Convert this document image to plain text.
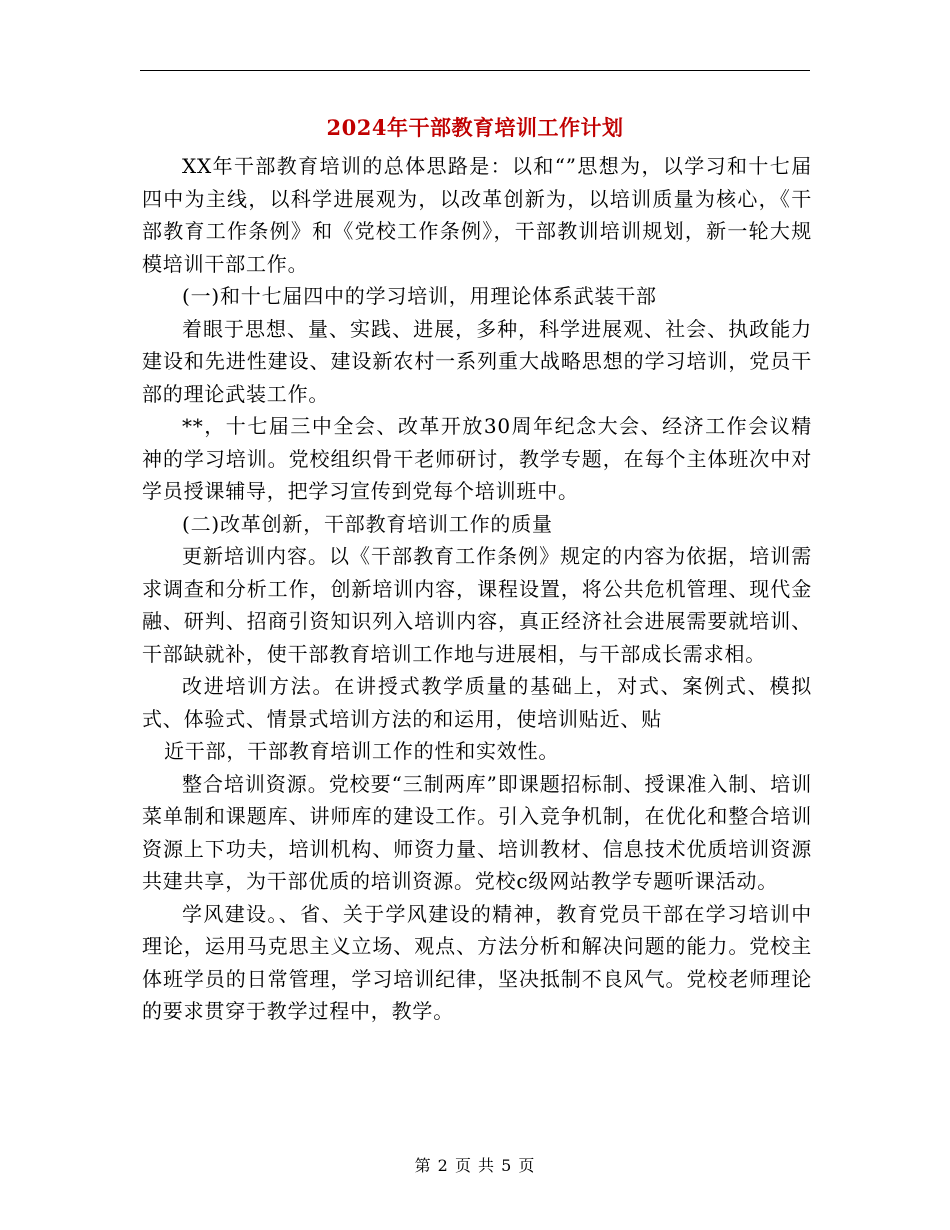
2024年干部教育培训工作计划

XX年干部教育培训的总体思路是：以和“”思想为，以学习和十七届四中为主线，以科学进展观为，以改革创新为，以培训质量为核心，《干部教育工作条例》和《党校工作条例》，干部教训培训规划，新一轮大规模培训干部工作。

(一)和十七届四中的学习培训，用理论体系武装干部

着眼于思想、量、实践、进展，多种，科学进展观、社会、执政能力建设和先进性建设、建设新农村一系列重大战略思想的学习培训，党员干部的理论武装工作。

**，十七届三中全会、改革开放30周年纪念大会、经济工作会议精神的学习培训。党校组织骨干老师研讨，教学专题，在每个主体班次中对学员授课辅导，把学习宣传到党每个培训班中。

(二)改革创新，干部教育培训工作的质量

更新培训内容。以《干部教育工作条例》规定的内容为依据，培训需求调查和分析工作，创新培训内容，课程设置，将公共危机管理、现代金融、研判、招商引资知识列入培训内容，真正经济社会进展需要就培训、干部缺就补，使干部教育培训工作地与进展相，与干部成长需求相。

改进培训方法。在讲授式教学质量的基础上，对式、案例式、模拟式、体验式、情景式培训方法的和运用，使培训贴近、贴

近干部，干部教育培训工作的性和实效性。

整合培训资源。党校要“三制两库”即课题招标制、授课准入制、培训菜单制和课题库、讲师库的建设工作。引入竞争机制，在优化和整合培训资源上下功夫，培训机构、师资力量、培训教材、信息技术优质培训资源共建共享，为干部优质的培训资源。党校c级网站教学专题听课活动。

学风建设。、省、关于学风建设的精神，教育党员干部在学习培训中理论，运用马克思主义立场、观点、方法分析和解决问题的能力。党校主体班学员的日常管理，学习培训纪律，坚决抵制不良风气。党校老师理论的要求贯穿于教学过程中，教学。

第 2 页 共 5 页
